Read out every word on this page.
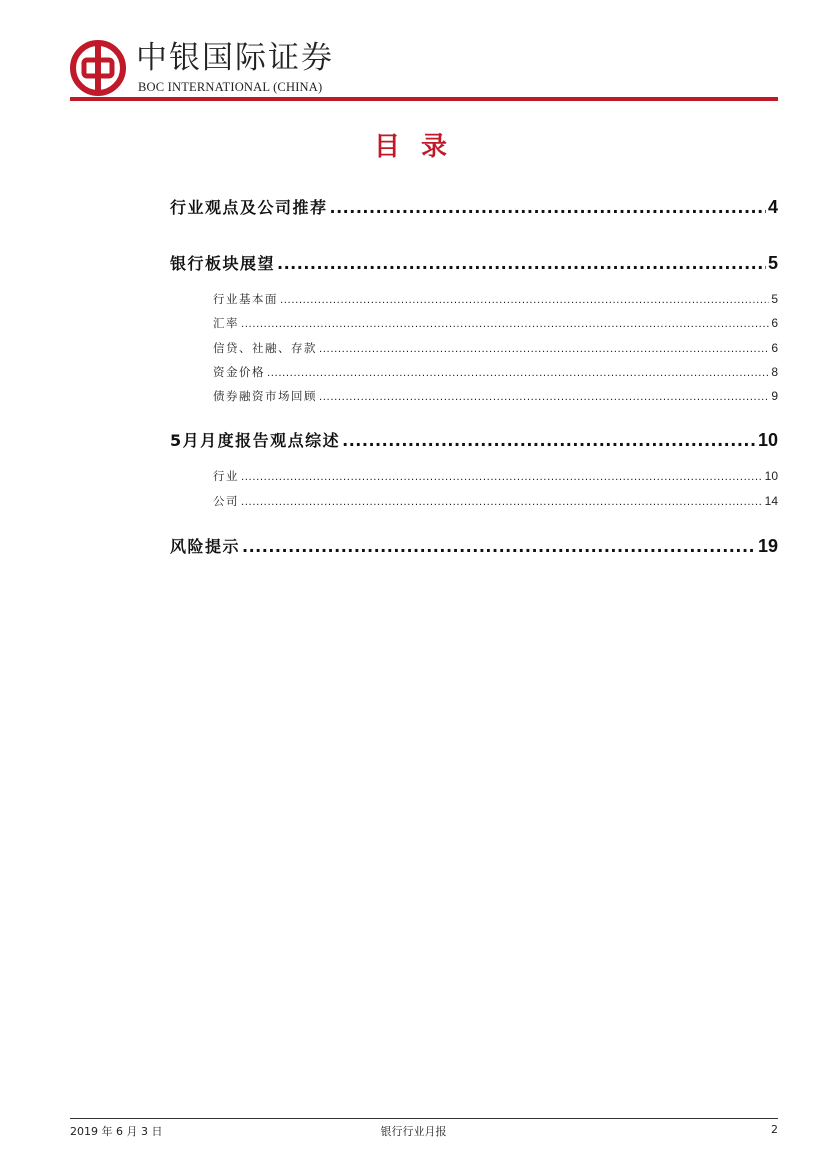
中银国际证券
BOC INTERNATIONAL (CHINA)
目 录
行业观点及公司推荐 .....	4
银行板块展望 .....	5
行业基本面 .....	5
汇率 .....	6
信贷、社融、存款 .....	6
资金价格 .....	8
债券融资市场回顾 .....	9
5月月度报告观点综述 .....	10
行业 .....	10
公司 .....	14
风险提示 .....	19
2019 年 6 月 3 日	银行行业月报	2
